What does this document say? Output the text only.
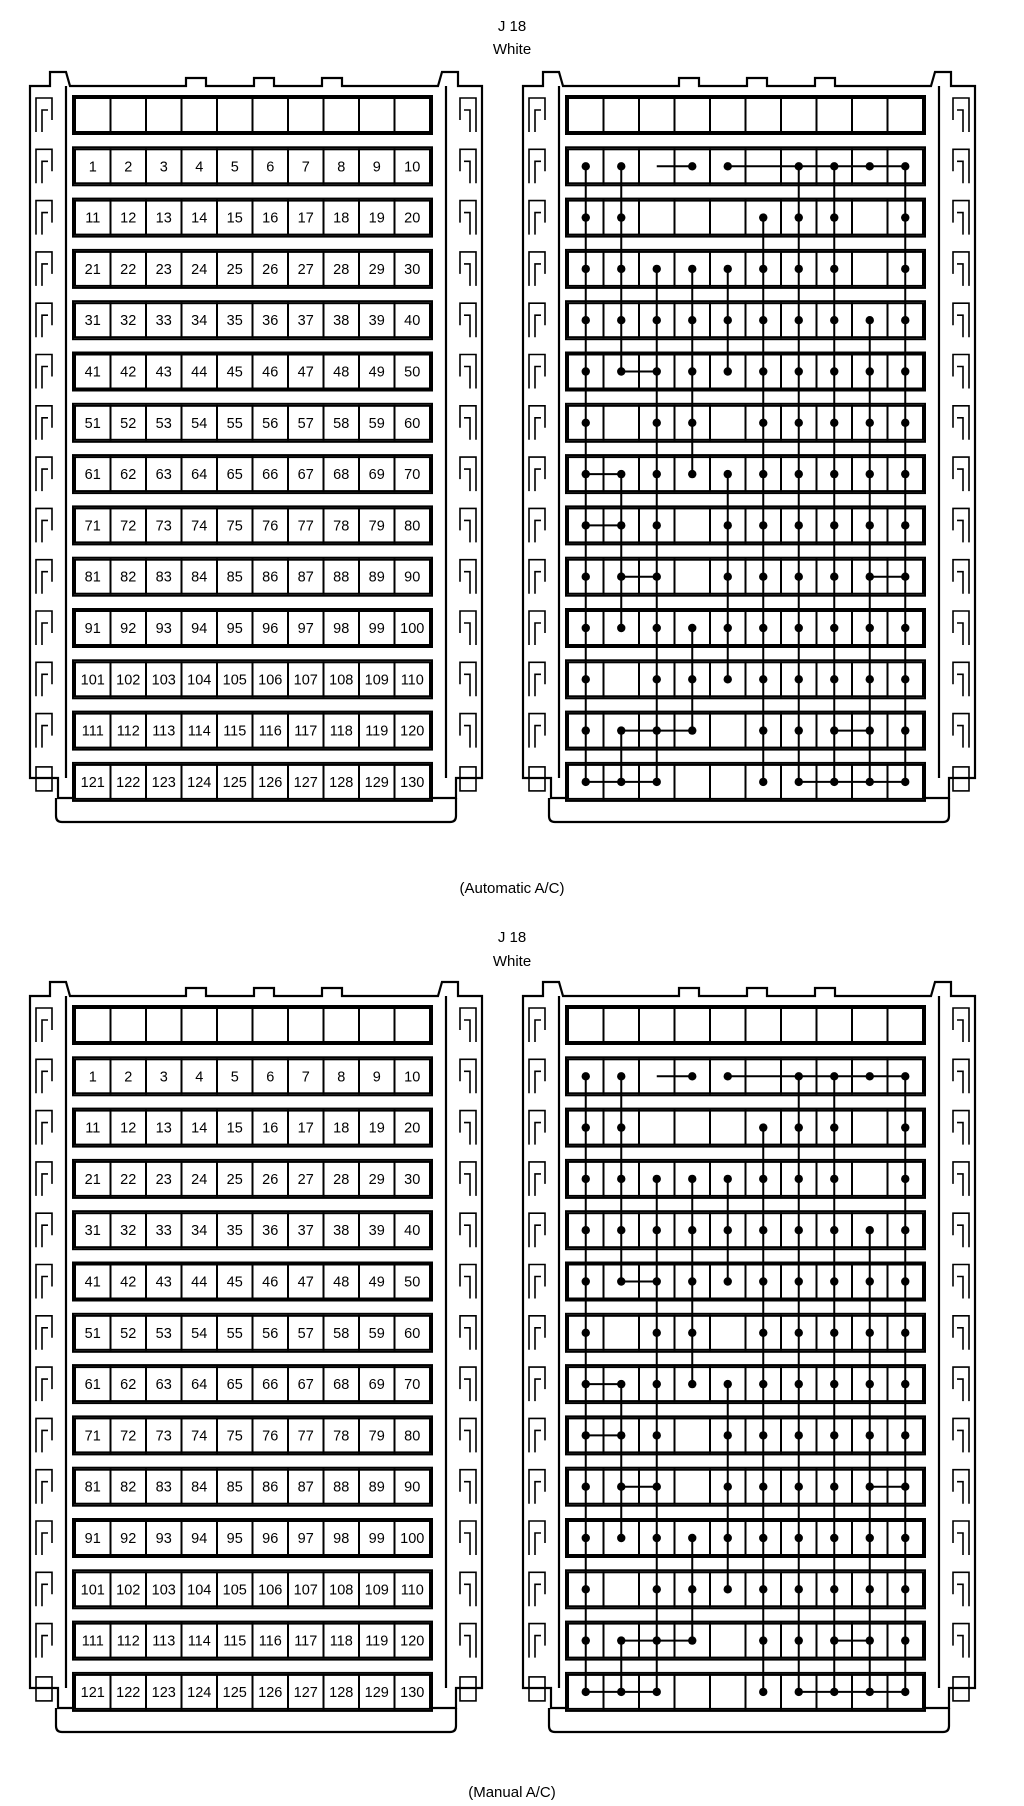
J 18
White
1 2 3 4 5 6 7 8 9 10
11 12 13 14 15 16 17 18 19 20
21 22 23 24 25 26 27 28 29 30
31 32 33 34 35 36 37 38 39 40
41 42 43 44 45 46 47 48 49 50
51 52 53 54 55 56 57 58 59 60
61 62 63 64 65 66 67 68 69 70
71 72 73 74 75 76 77 78 79 80
81 82 83 84 85 86 87 88 89 90
91 92 93 94 95 96 97 98 99 100
101 102 103 104 105 106 107 108 109 110
111 112 113 114 115 116 117 118 119 120
121 122 123 124 125 126 127 128 129 130
(Automatic A/C)
J 18
White
1 2 3 4 5 6 7 8 9 10
11 12 13 14 15 16 17 18 19 20
21 22 23 24 25 26 27 28 29 30
31 32 33 34 35 36 37 38 39 40
41 42 43 44 45 46 47 48 49 50
51 52 53 54 55 56 57 58 59 60
61 62 63 64 65 66 67 68 69 70
71 72 73 74 75 76 77 78 79 80
81 82 83 84 85 86 87 88 89 90
91 92 93 94 95 96 97 98 99 100
101 102 103 104 105 106 107 108 109 110
111 112 113 114 115 116 117 118 119 120
121 122 123 124 125 126 127 128 129 130
(Manual A/C)
